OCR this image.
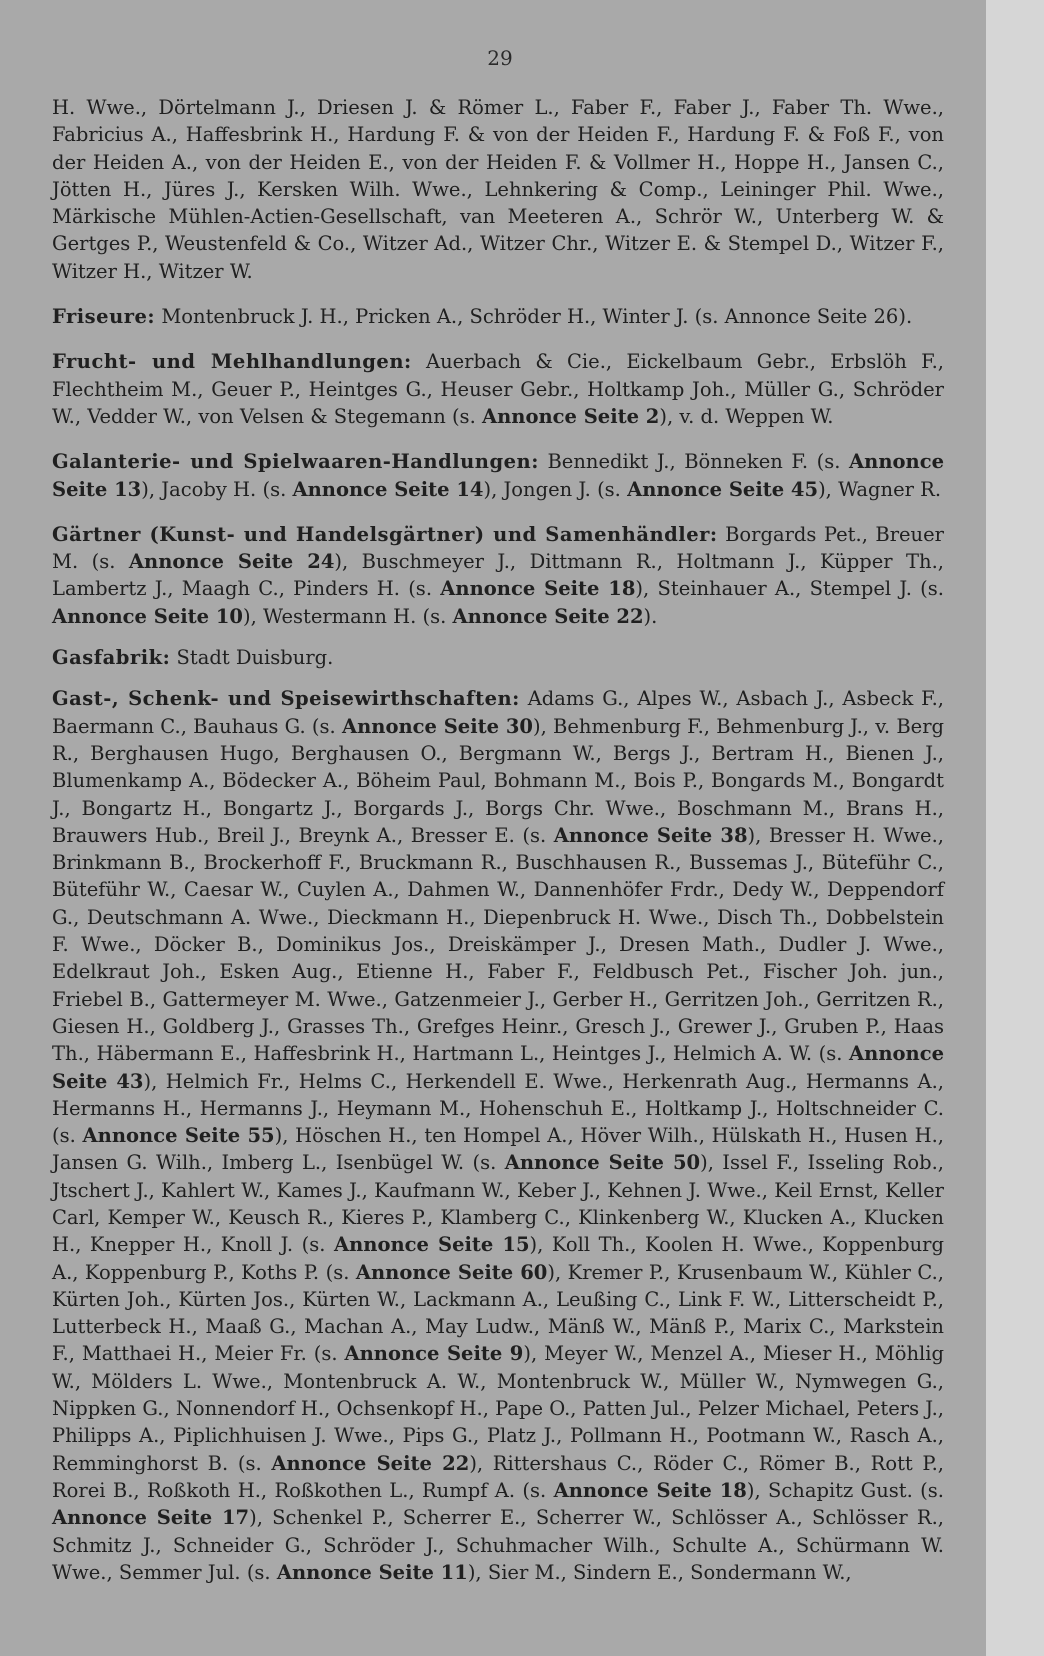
29

H. Wwe., Dörtelmann J., Driesen J. & Römer L., Faber F., Faber J., Faber Th. Wwe., Fabricius A., Haffesbrink H., Hardung F. & von der Heiden F., Hardung F. & Foß F., von der Heiden A., von der Heiden E., von der Heiden F. & Vollmer H., Hoppe H., Jansen C., Jötten H., Jüres J., Kersken Wilh. Wwe., Lehnkering & Comp., Leininger Phil. Wwe., Märkische Mühlen-Actien-Gesellschaft, van Meeteren A., Schrör W., Unterberg W. & Gertges P., Weustenfeld & Co., Witzer Ad., Witzer Chr., Witzer E. & Stempel D., Witzer F., Witzer H., Witzer W.

Friseure: Montenbruck J. H., Pricken A., Schröder H., Winter J. (s. Annonce Seite 26).

Frucht- und Mehlhandlungen: Auerbach & Cie., Eickelbaum Gebr., Erbslöh F., Flechtheim M., Geuer P., Heintges G., Heuser Gebr., Holtkamp Joh., Müller G., Schröder W., Vedder W., von Velsen & Stegemann (s. Annonce Seite 2), v. d. Weppen W.

Galanterie- und Spielwaaren-Handlungen: Bennedikt J., Bönneken F. (s. Annonce Seite 13), Jacoby H. (s. Annonce Seite 14), Jongen J. (s. Annonce Seite 45), Wagner R.

Gärtner (Kunst- und Handelsgärtner) und Samenhändler: Borgards Pet., Breuer M. (s. Annonce Seite 24), Buschmeyer J., Dittmann R., Holtmann J., Küpper Th., Lambertz J., Maagh C., Pinders H. (s. Annonce Seite 18), Steinhauer A., Stempel J. (s. Annonce Seite 10), Westermann H. (s. Annonce Seite 22).

Gasfabrik: Stadt Duisburg.

Gast-, Schenk- und Speisewirthschaften: Adams G., Alpes W., Asbach J., Asbeck F., Baermann C., Bauhaus G. (s. Annonce Seite 30), Behmenburg F., Behmenburg J., v. Berg R., Berghausen Hugo, Berghausen O., Bergmann W., Bergs J., Bertram H., Bienen J., Blumenkamp A., Bödecker A., Böheim Paul, Bohmann M., Bois P., Bongards M., Bongardt J., Bongartz H., Bongartz J., Borgards J., Borgs Chr. Wwe., Boschmann M., Brans H., Brauwers Hub., Breil J., Breynk A., Bresser E. (s. Annonce Seite 38), Bresser H. Wwe., Brinkmann B., Brockerhoff F., Bruckmann R., Buschhausen R., Bussemas J., Büteführ C., Büteführ W., Caesar W., Cuylen A., Dahmen W., Dannenhöfer Frdr., Dedy W., Deppendorf G., Deutschmann A. Wwe., Dieckmann H., Diepenbruck H. Wwe., Disch Th., Dobbelstein F. Wwe., Döcker B., Dominikus Jos., Dreiskämper J., Dresen Math., Dudler J. Wwe., Edelkraut Joh., Esken Aug., Etienne H., Faber F., Feldbusch Pet., Fischer Joh. jun., Friebel B., Gattermeyer M. Wwe., Gatzenmeier J., Gerber H., Gerritzen Joh., Gerritzen R., Giesen H., Goldberg J., Grasses Th., Grefges Heinr., Gresch J., Grewer J., Gruben P., Haas Th., Häbermann E., Haffesbrink H., Hartmann L., Heintges J., Helmich A. W. (s. Annonce Seite 43), Helmich Fr., Helms C., Herkendell E. Wwe., Herkenrath Aug., Hermanns A., Hermanns H., Hermanns J., Heymann M., Hohenschuh E., Holtkamp J., Holtschneider C. (s. Annonce Seite 55), Höschen H., ten Hompel A., Höver Wilh., Hülskath H., Husen H., Jansen G. Wilh., Imberg L., Isenbügel W. (s. Annonce Seite 50), Issel F., Isseling Rob., Jtschert J., Kahlert W., Kames J., Kaufmann W., Keber J., Kehnen J. Wwe., Keil Ernst, Keller Carl, Kemper W., Keusch R., Kieres P., Klamberg C., Klinkenberg W., Klucken A., Klucken H., Knepper H., Knoll J. (s. Annonce Seite 15), Koll Th., Koolen H. Wwe., Koppenburg A., Koppenburg P., Koths P. (s. Annonce Seite 60), Kremer P., Krusenbaum W., Kühler C., Kürten Joh., Kürten Jos., Kürten W., Lackmann A., Leußing C., Link F. W., Litterscheidt P., Lutterbeck H., Maaß G., Machan A., May Ludw., Mänß W., Mänß P., Marix C., Markstein F., Matthaei H., Meier Fr. (s. Annonce Seite 9), Meyer W., Menzel A., Mieser H., Möhlig W., Mölders L. Wwe., Montenbruck A. W., Montenbruck W., Müller W., Nymwegen G., Nippken G., Nonnendorf H., Ochsenkopf H., Pape O., Patten Jul., Pelzer Michael, Peters J., Philipps A., Piplichhuisen J. Wwe., Pips G., Platz J., Pollmann H., Pootmann W., Rasch A., Remminghorst B. (s. Annonce Seite 22), Rittershaus C., Röder C., Römer B., Rott P., Rorei B., Roßkoth H., Roßkothen L., Rumpf A. (s. Annonce Seite 18), Schapitz Gust. (s. Annonce Seite 17), Schenkel P., Scherrer E., Scherrer W., Schlösser A., Schlösser R., Schmitz J., Schneider G., Schröder J., Schuhmacher Wilh., Schulte A., Schürmann W. Wwe., Semmer Jul. (s. Annonce Seite 11), Sier M., Sindern E., Sondermann W.,
